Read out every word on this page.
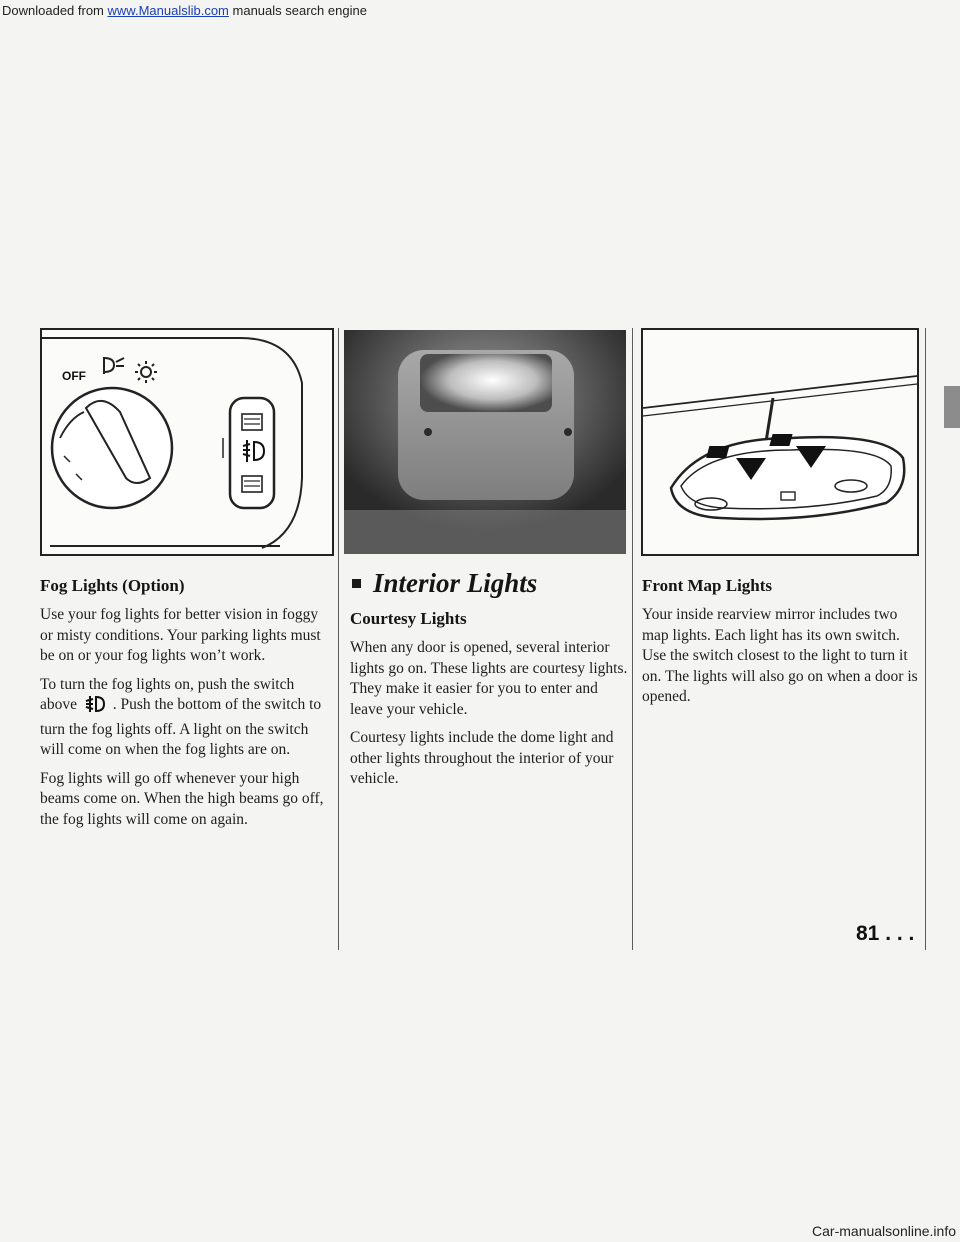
Downloaded from www.Manualslib.com manuals search engine
OFF
Fog Lights (Option)

Use your fog lights for better vision in foggy or misty conditions. Your parking lights must be on or your fog lights won’t work.

To turn the fog lights on, push the switch above . Push the bottom of the switch to turn the fog lights off. A light on the switch will come on when the fog lights are on.

Fog lights will go off whenever your high beams come on. When the high beams go off, the fog lights will come on again.

Interior Lights
Courtesy Lights

When any door is opened, several interior lights go on. These lights are courtesy lights. They make it easier for you to enter and leave your vehicle.

Courtesy lights include the dome light and other lights throughout the interior of your vehicle.

Front Map Lights

Your inside rearview mirror includes two map lights. Each light has its own switch. Use the switch closest to the light to turn it on. The lights will also go on when a door is opened.

81 . . .
Car-manualsonline.info
